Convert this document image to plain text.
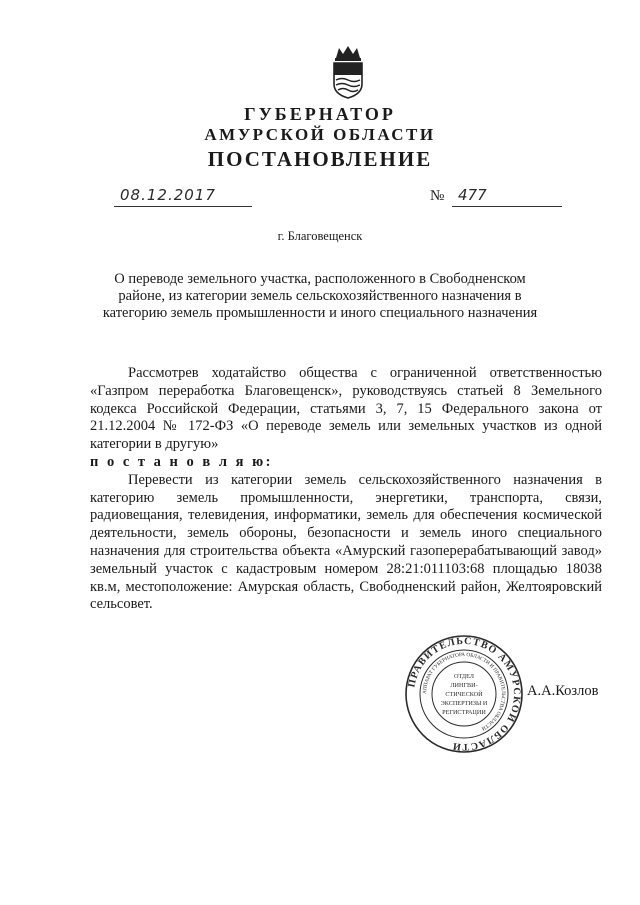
ГУБЕРНАТОР
АМУРСКОЙ ОБЛАСТИ
ПОСТАНОВЛЕНИЕ
08.12.2017	№ 477
г. Благовещенск
О переводе земельного участка, расположенного в Свободненском районе, из категории земель сельскохозяйственного назначения в категорию земель промышленности и иного специального назначения

Рассмотрев ходатайство общества с ограниченной ответственностью «Газпром переработка Благовещенск», руководствуясь статьей 8 Земельного кодекса Российской Федерации, статьями 3, 7, 15 Федерального закона от 21.12.2004 № 172-ФЗ «О переводе земель или земельных участков из одной категории в другую»

п о с т а н о в л я ю:

Перевести из категории земель сельскохозяйственного назначения в категорию земель промышленности, энергетики, транспорта, связи, радиовещания, телевидения, информатики, земель для обеспечения космической деятельности, земель обороны, безопасности и земель иного специального назначения для строительства объекта «Амурский газоперерабатывающий завод» земельный участок с кадастровым номером 28:21:011103:68 площадью 18038 кв.м, местоположение: Амурская область, Свободненский район, Желтояровский сельсовет.

ПРАВИТЕЛЬСТВО АМУРСКОЙ ОБЛАСТИ
АППАРАТ ГУБЕРНАТОРА ОБЛАСТИ И ПРАВИТЕЛЬСТВА ОБЛАСТИ
ОТДЕЛ
ЛИНГВИ-
СТИЧЕСКОЙ
ЭКСПЕРТИЗЫ И
РЕГИСТРАЦИИ
А.А.Козлов
